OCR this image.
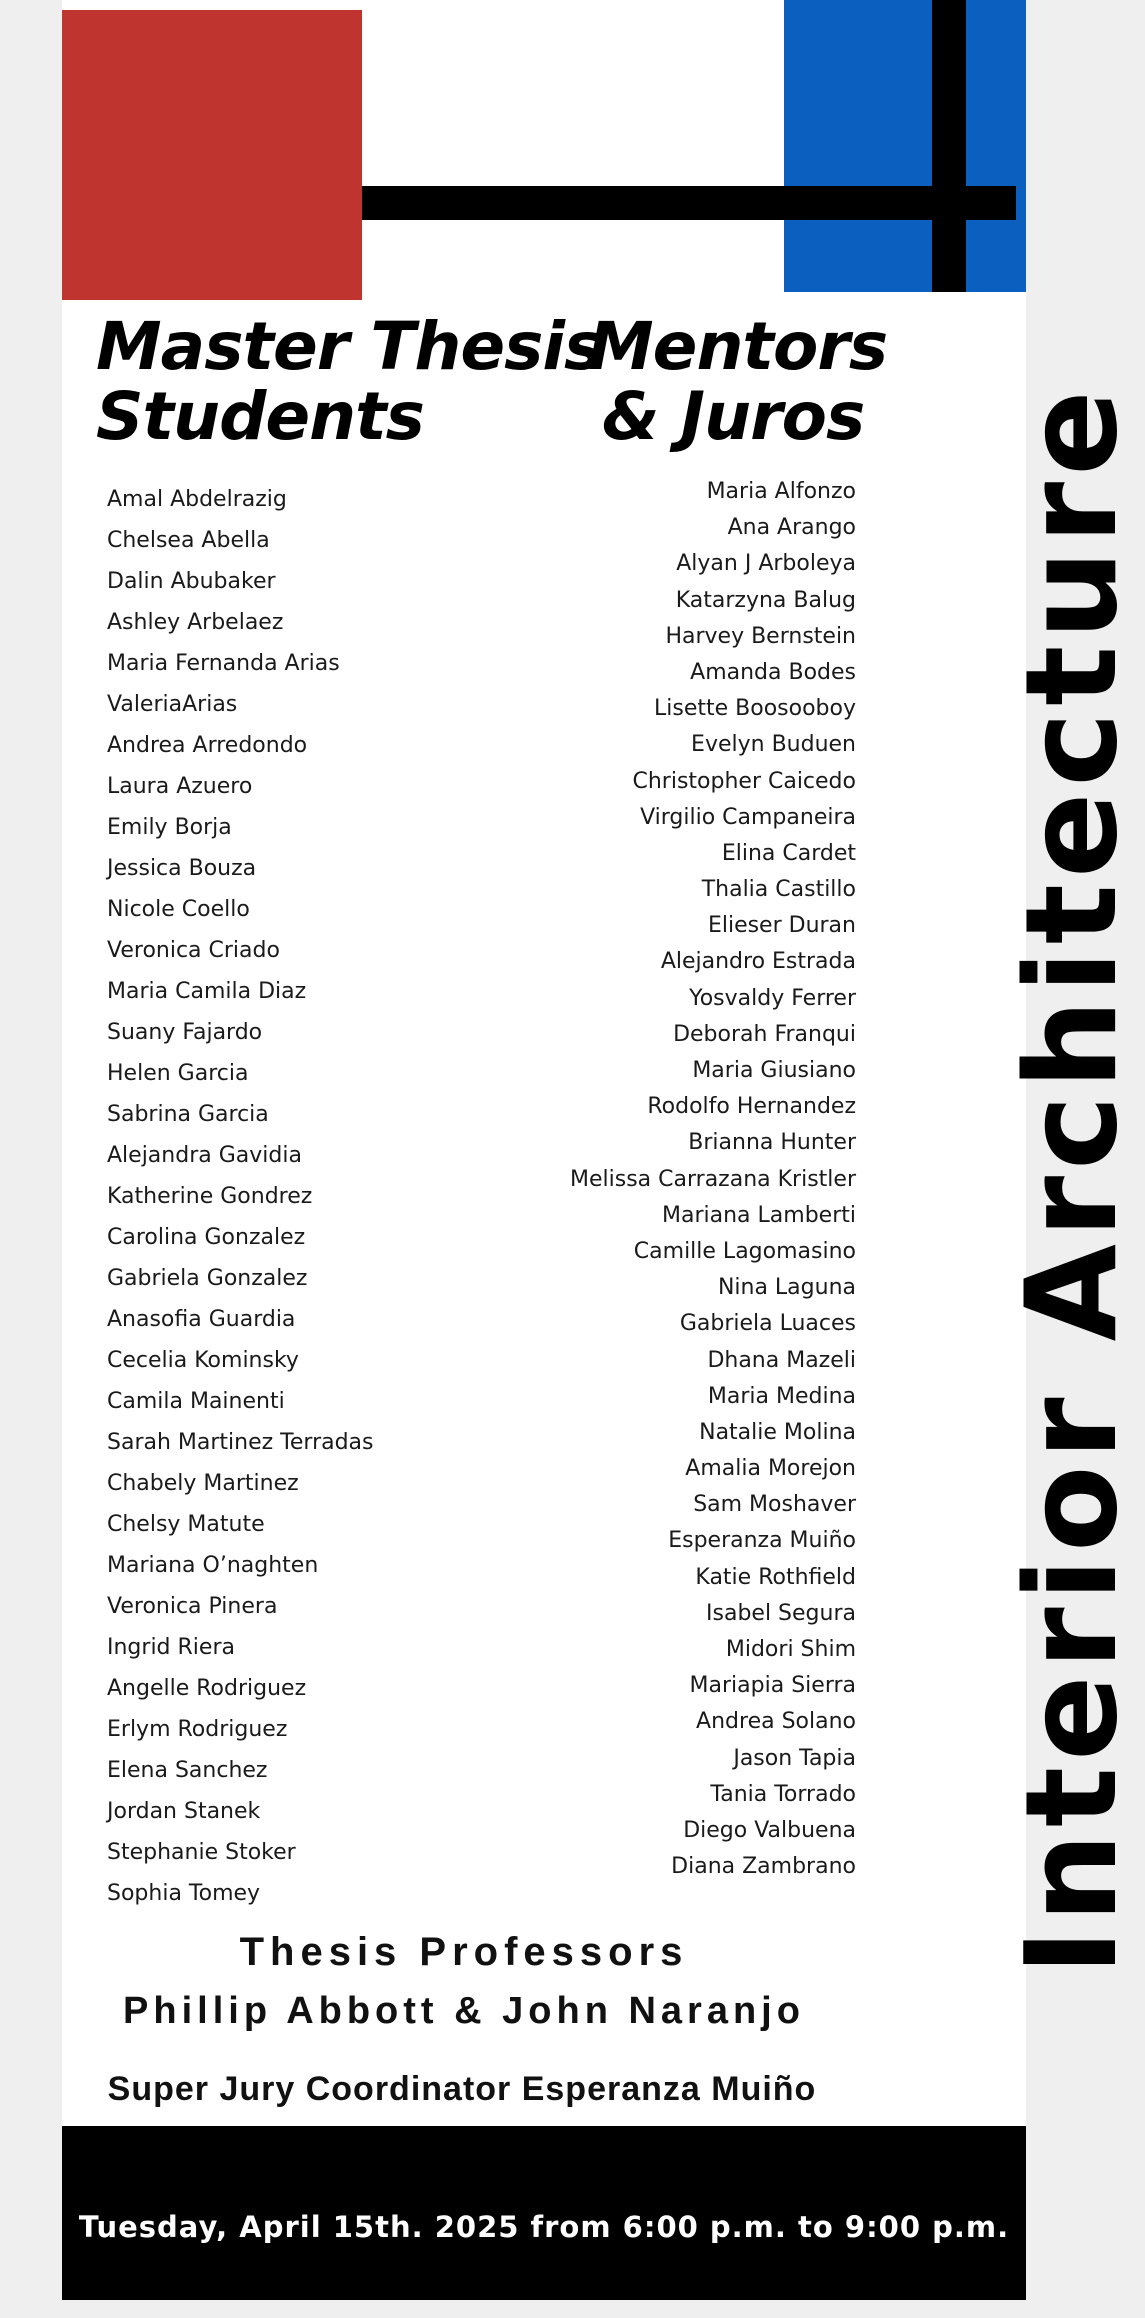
Master Thesis
Students
Mentors
& Juros
Amal Abdelrazig
Chelsea Abella
Dalin Abubaker
Ashley Arbelaez
Maria Fernanda Arias
ValeriaArias
Andrea Arredondo
Laura Azuero
Emily Borja
Jessica Bouza
Nicole Coello
Veronica Criado
Maria Camila Diaz
Suany Fajardo
Helen Garcia
Sabrina Garcia
Alejandra Gavidia
Katherine Gondrez
Carolina Gonzalez
Gabriela Gonzalez
Anasofia Guardia
Cecelia Kominsky
Camila Mainenti
Sarah Martinez Terradas
Chabely Martinez
Chelsy Matute
Mariana O’naghten
Veronica Pinera
Ingrid Riera
Angelle Rodriguez
Erlym Rodriguez
Elena Sanchez
Jordan Stanek
Stephanie Stoker
Sophia Tomey
Maria Alfonzo
Ana Arango
Alyan J Arboleya
Katarzyna Balug
Harvey Bernstein
Amanda Bodes
Lisette Boosooboy
Evelyn Buduen
Christopher Caicedo
Virgilio Campaneira
Elina Cardet
Thalia Castillo
Elieser Duran
Alejandro Estrada
Yosvaldy Ferrer
Deborah Franqui
Maria Giusiano
Rodolfo Hernandez
Brianna Hunter
Melissa Carrazana Kristler
Mariana Lamberti
Camille Lagomasino
Nina Laguna
Gabriela Luaces
Dhana Mazeli
Maria Medina
Natalie Molina
Amalia Morejon
Sam Moshaver
Esperanza Muiño
Katie Rothfield
Isabel Segura
Midori Shim
Mariapia Sierra
Andrea Solano
Jason Tapia
Tania Torrado
Diego Valbuena
Diana Zambrano Interior Architecture

Thesis Professors

Phillip Abbott & John Naranjo

Super Jury Coordinator Esperanza Muiño

Tuesday, April 15th. 2025 from 6:00 p.m. to 9:00 p.m.
